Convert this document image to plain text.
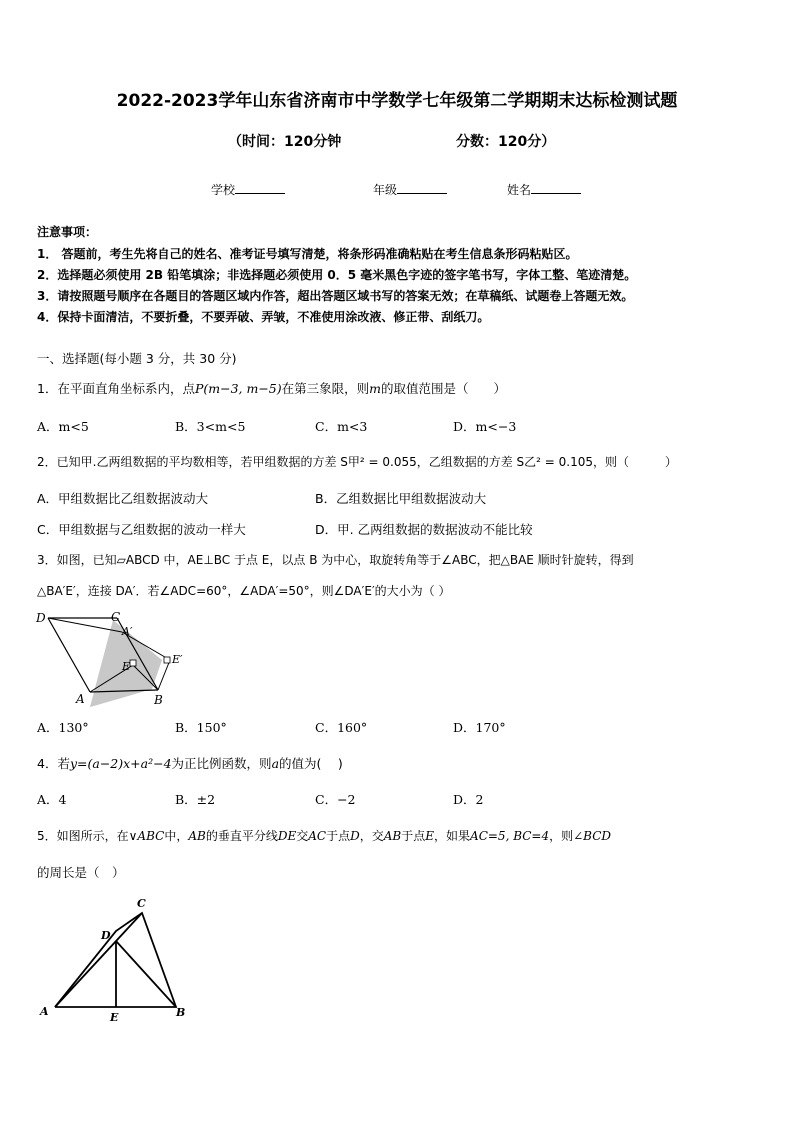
2022-2023学年山东省济南市中学数学七年级第二学期期末达标检测试题
（时间：120分钟	分数：120分）
学校	年级	姓名
注意事项：
1． 答题前，考生先将自己的姓名、准考证号填写清楚，将条形码准确粘贴在考生信息条形码粘贴区。
2．选择题必须使用 2B 铅笔填涂；非选择题必须使用 0．5 毫米黑色字迹的签字笔书写，字体工整、笔迹清楚。
3．请按照题号顺序在各题目的答题区域内作答，超出答题区域书写的答案无效；在草稿纸、试题卷上答题无效。
4．保持卡面清洁，不要折叠，不要弄破、弄皱，不准使用涂改液、修正带、刮纸刀。
一、选择题(每小题 3 分，共 30 分)
1．在平面直角坐标系内，点P(m−3, m−5)在第三象限，则m的取值范围是（　　）
A．m<5	B．3<m<5	C．m<3	D．m<−3
2．已知甲.乙两组数据的平均数相等，若甲组数据的方差 S甲² = 0.055，乙组数据的方差 S乙² = 0.105，则（　　　）
A．甲组数据比乙组数据波动大	B．乙组数据比甲组数据波动大
C．甲组数据与乙组数据的波动一样大	D．甲. 乙两组数据的数据波动不能比较
3．如图，已知▱ABCD 中，AE⊥BC 于点 E，以点 B 为中心，取旋转角等于∠ABC，把△BAE 顺时针旋转，得到
△BA′E′，连接 DA′．若∠ADC=60°，∠ADA′=50°，则∠DA′E′的大小为（ ）
D	C
A′
E
E′
A	B
A．130°	B．150°	C．160°	D．170°
4．若y=(a−2)x+a²−4为正比例函数，则a的值为(　 )
A．4	B．±2	C．−2	D．2
5．如图所示，在∨ABC中，AB的垂直平分线DE交AC于点D，交AB于点E，如果AC=5, BC=4，则∠BCD
的周长是（　）
C
D
A	E	B
